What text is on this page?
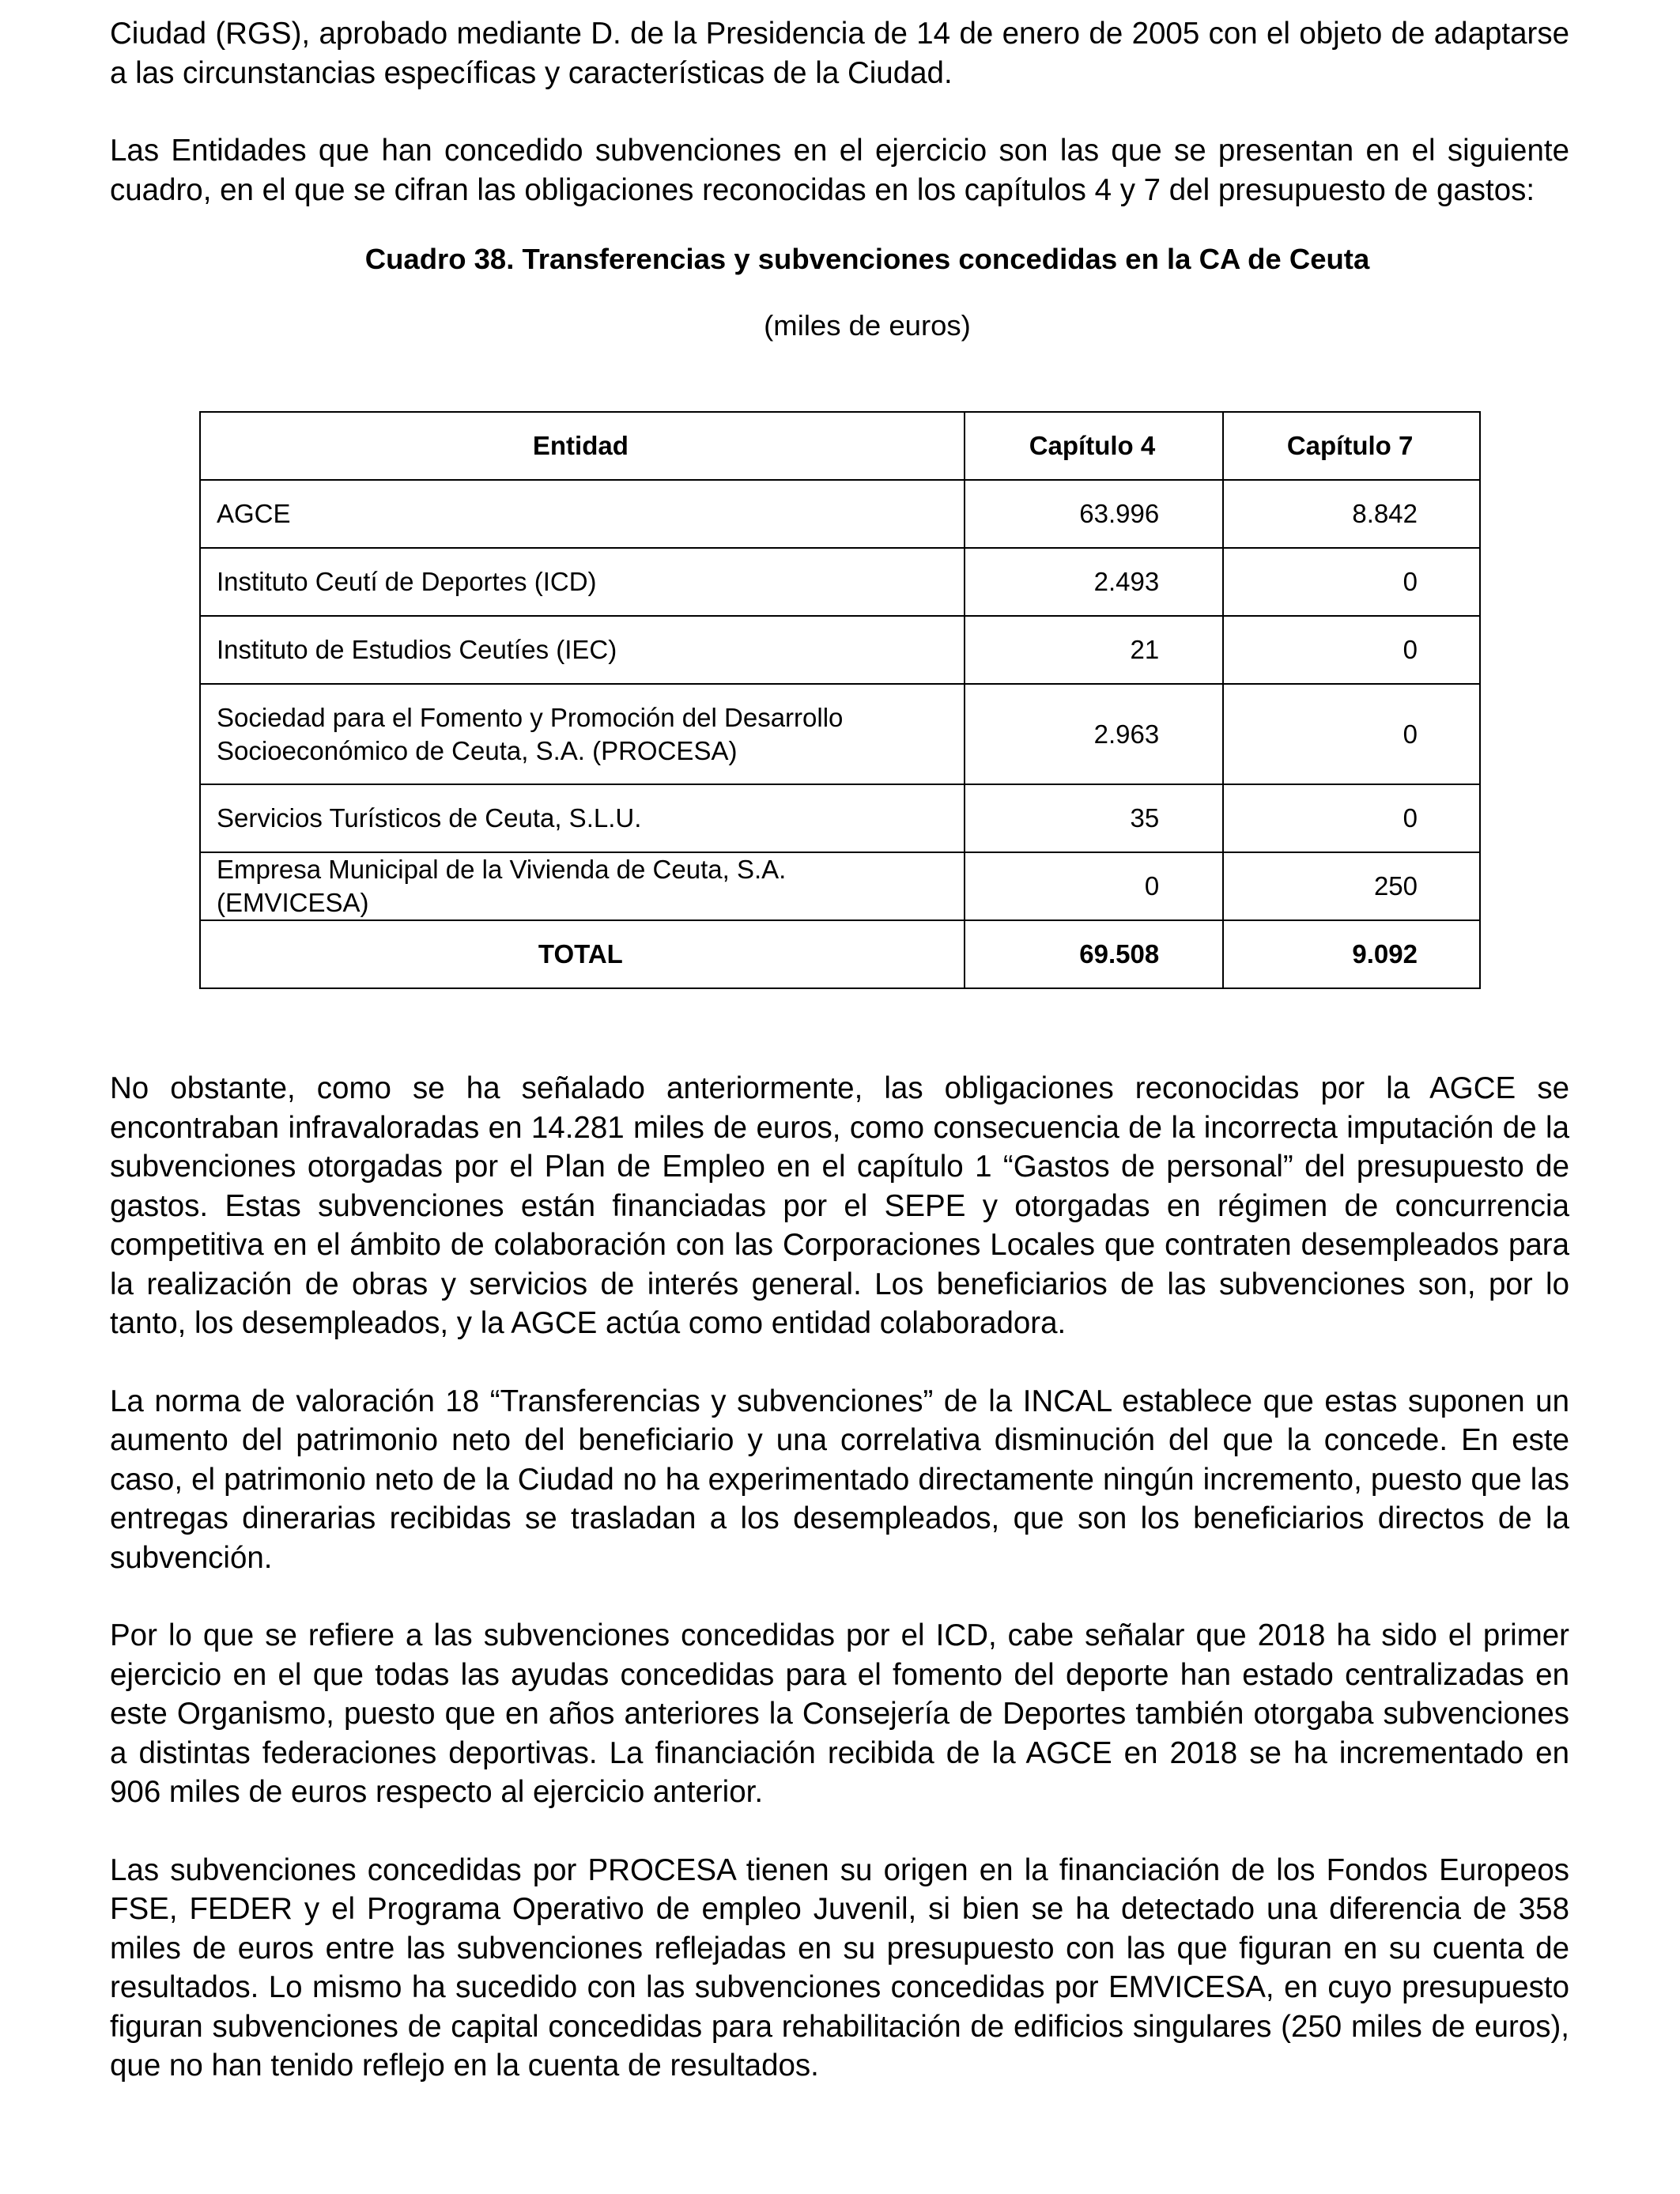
Ciudad (RGS), aprobado mediante D. de la Presidencia de 14 de enero de 2005 con el objeto de adaptarse a las circunstancias específicas y características de la Ciudad.

Las Entidades que han concedido subvenciones en el ejercicio son las que se presentan en el siguiente cuadro, en el que se cifran las obligaciones reconocidas en los capítulos 4 y 7 del presupuesto de gastos:

Cuadro 38. Transferencias y subvenciones concedidas en la CA de Ceuta

(miles de euros)

Entidad	Capítulo 4	Capítulo 7
AGCE	63.996	8.842
Instituto Ceutí de Deportes (ICD)	2.493	0
Instituto de Estudios Ceutíes (IEC)	21	0

Sociedad para el Fomento y Promoción del Desarrollo
Socioeconómico de Ceuta, S.A. (PROCESA)	2.963	0
Servicios Turísticos de Ceuta, S.L.U.	35	0
Empresa Municipal de la Vivienda de Ceuta, S.A. (EMVICESA)	0	250
TOTAL	69.508	9.092

No obstante, como se ha señalado anteriormente, las obligaciones reconocidas por la AGCE se encontraban infravaloradas en 14.281 miles de euros, como consecuencia de la incorrecta imputación de la subvenciones otorgadas por el Plan de Empleo en el capítulo 1 “Gastos de personal” del presupuesto de gastos. Estas subvenciones están financiadas por el SEPE y otorgadas en régimen de concurrencia competitiva en el ámbito de colaboración con las Corporaciones Locales que contraten desempleados para la realización de obras y servicios de interés general. Los beneficiarios de las subvenciones son, por lo tanto, los desempleados, y la AGCE actúa como entidad colaboradora.

La norma de valoración 18 “Transferencias y subvenciones” de la INCAL establece que estas suponen un aumento del patrimonio neto del beneficiario y una correlativa disminución del que la concede. En este caso, el patrimonio neto de la Ciudad no ha experimentado directamente ningún incremento, puesto que las entregas dinerarias recibidas se trasladan a los desempleados, que son los beneficiarios directos de la subvención.

Por lo que se refiere a las subvenciones concedidas por el ICD, cabe señalar que 2018 ha sido el primer ejercicio en el que todas las ayudas concedidas para el fomento del deporte han estado centralizadas en este Organismo, puesto que en años anteriores la Consejería de Deportes también otorgaba subvenciones a distintas federaciones deportivas. La financiación recibida de la AGCE en 2018 se ha incrementado en 906 miles de euros respecto al ejercicio anterior.

Las subvenciones concedidas por PROCESA tienen su origen en la financiación de los Fondos Europeos FSE, FEDER y el Programa Operativo de empleo Juvenil, si bien se ha detectado una diferencia de 358 miles de euros entre las subvenciones reflejadas en su presupuesto con las que figuran en su cuenta de resultados. Lo mismo ha sucedido con las subvenciones concedidas por EMVICESA, en cuyo presupuesto figuran subvenciones de capital concedidas para rehabilitación de edificios singulares (250 miles de euros), que no han tenido reflejo en la cuenta de resultados.
